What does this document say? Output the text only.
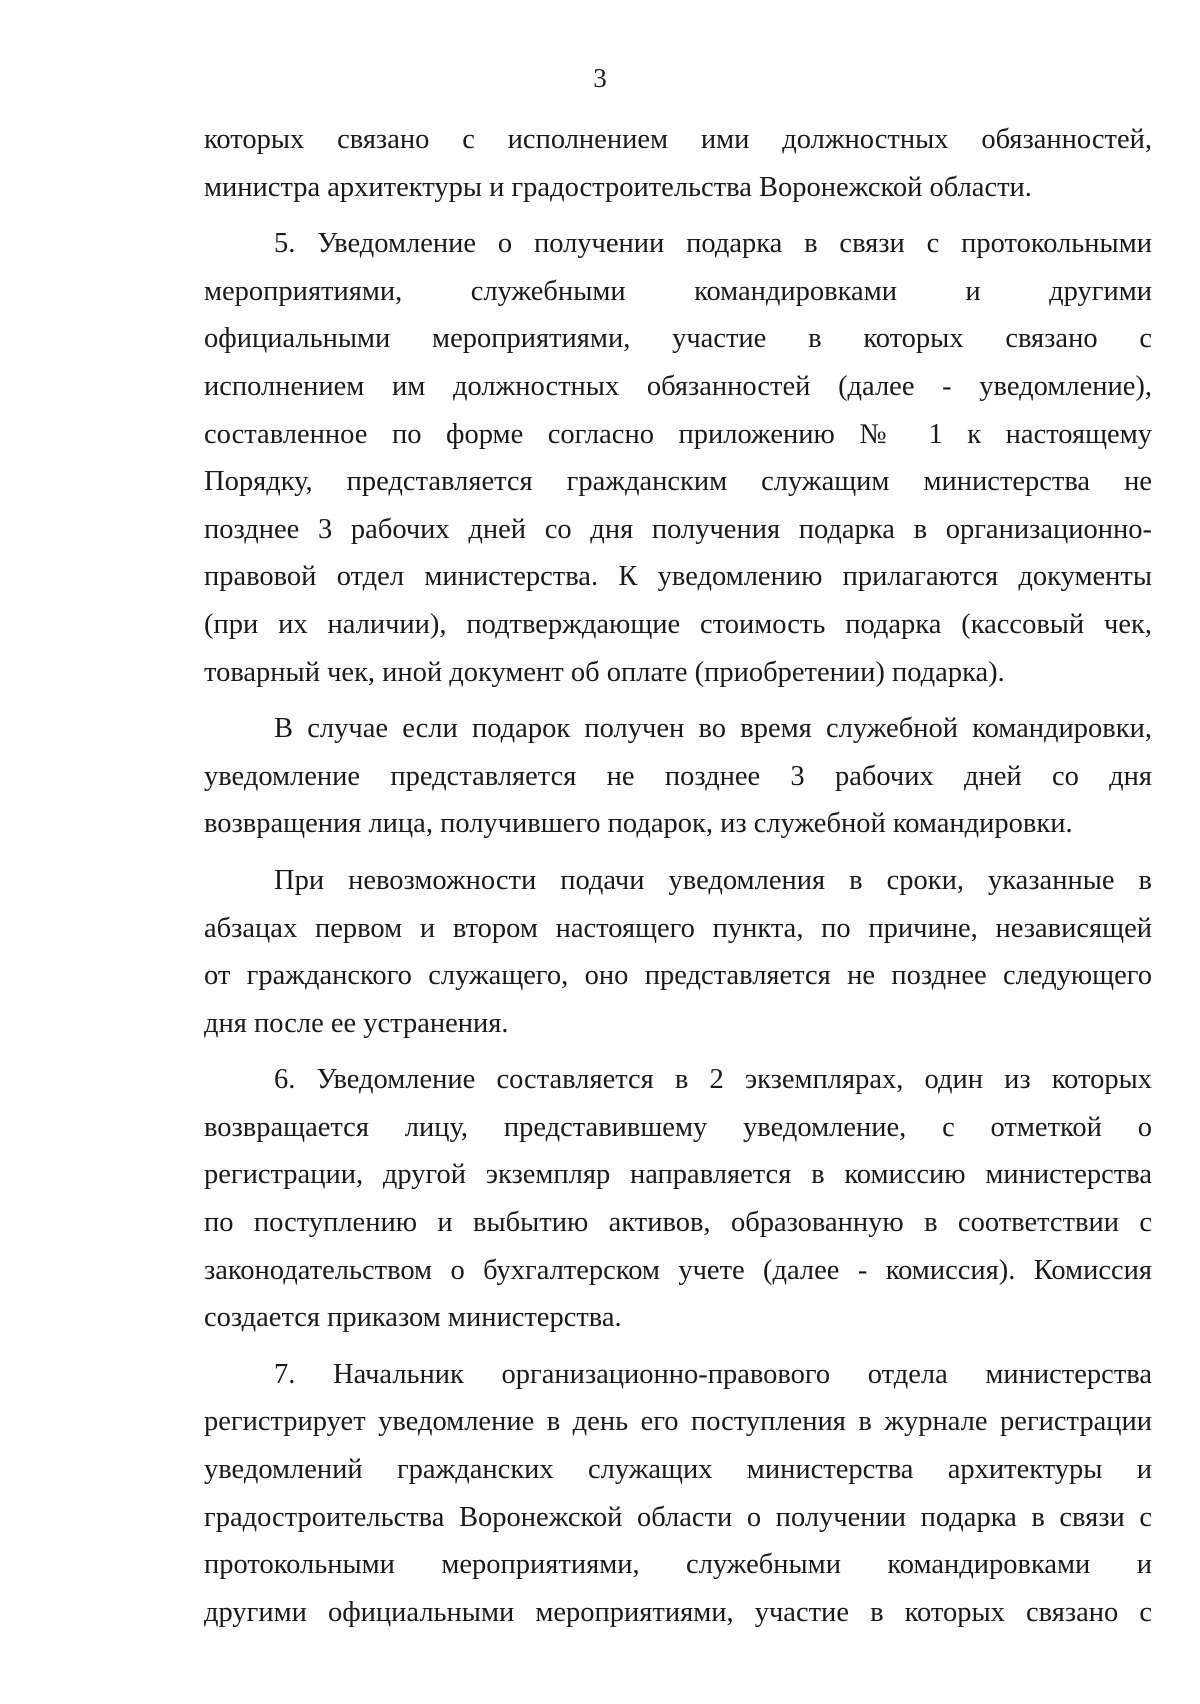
3
которых связано с исполнением ими должностных обязанностей,
министра архитектуры и градостроительства Воронежской области.
5. Уведомление о получении подарка в связи с протокольными
мероприятиями, служебными командировками и другими
официальными мероприятиями, участие в которых связано с
исполнением им должностных обязанностей (далее - уведомление),
составленное по форме согласно приложению № 1 к настоящему
Порядку, представляется гражданским служащим министерства не
позднее 3 рабочих дней со дня получения подарка в организационно-
правовой отдел министерства. К уведомлению прилагаются документы
(при их наличии), подтверждающие стоимость подарка (кассовый чек,
товарный чек, иной документ об оплате (приобретении) подарка).
В случае если подарок получен во время служебной командировки,
уведомление представляется не позднее 3 рабочих дней со дня
возвращения лица, получившего подарок, из служебной командировки.
При невозможности подачи уведомления в сроки, указанные в
абзацах первом и втором настоящего пункта, по причине, независящей
от гражданского служащего, оно представляется не позднее следующего
дня после ее устранения.
6. Уведомление составляется в 2 экземплярах, один из которых
возвращается лицу, представившему уведомление, с отметкой о
регистрации, другой экземпляр направляется в комиссию министерства
по поступлению и выбытию активов, образованную в соответствии с
законодательством о бухгалтерском учете (далее - комиссия). Комиссия
создается приказом министерства.
7. Начальник организационно-правового отдела министерства
регистрирует уведомление в день его поступления в журнале регистрации
уведомлений гражданских служащих министерства архитектуры и
градостроительства Воронежской области о получении подарка в связи с
протокольными мероприятиями, служебными командировками и
другими официальными мероприятиями, участие в которых связано с
